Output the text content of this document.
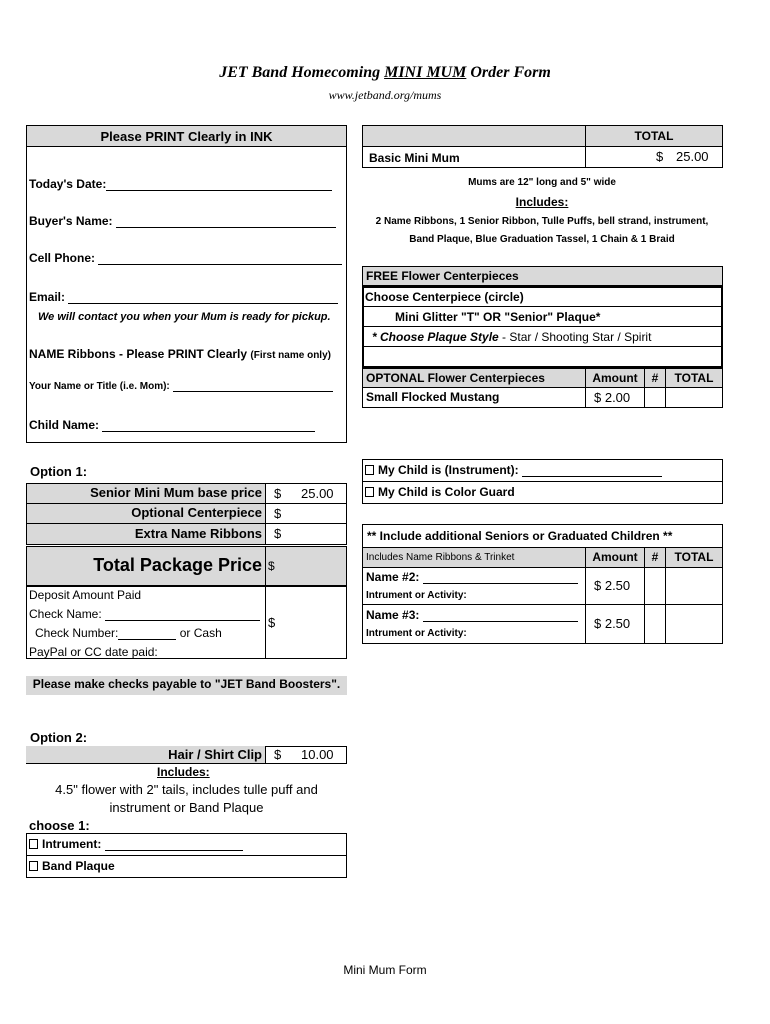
JET Band Homecoming MINI MUM Order Form
www.jetband.org/mums
Please PRINT Clearly in INK
Today's Date:
Buyer's Name:
Cell Phone:
Email:
We will contact you when your Mum is ready for pickup.
NAME Ribbons - Please PRINT Clearly (First name only)
Your Name or Title (i.e. Mom):
Child Name:
TOTAL
Basic Mini Mum	$ 25.00
Mums are 12" long and 5" wide
Includes:
2 Name Ribbons, 1 Senior Ribbon, Tulle Puffs, bell strand, instrument,
Band Plaque, Blue Graduation Tassel, 1 Chain & 1 Braid
FREE Flower Centerpieces
Choose Centerpiece (circle)
Mini Glitter "T" OR "Senior" Plaque*
* Choose Plaque Style - Star / Shooting Star / Spirit
OPTONAL Flower Centerpieces	Amount	#	TOTAL
Small Flocked Mustang	$ 2.00
My Child is (Instrument):
My Child is Color Guard
** Include additional Seniors or Graduated Children **
Includes Name Ribbons & Trinket	Amount	#	TOTAL
Name #2:
Intrument or Activity:
$ 2.50
Name #3:
Intrument or Activity:
$ 2.50
Option 1:
Senior Mini Mum base price $ 25.00
Optional Centerpiece $
Extra Name Ribbons $
Total Package Price $
Deposit Amount Paid
Check Name:
Check Number:	or Cash
PayPal or CC date paid:
$
Please make checks payable to "JET Band Boosters".
Option 2:
Hair / Shirt Clip $ 10.00
Includes:
4.5" flower with 2" tails, includes tulle puff and
instrument or Band Plaque
choose 1:
Intrument:
Band Plaque
Mini Mum Form
